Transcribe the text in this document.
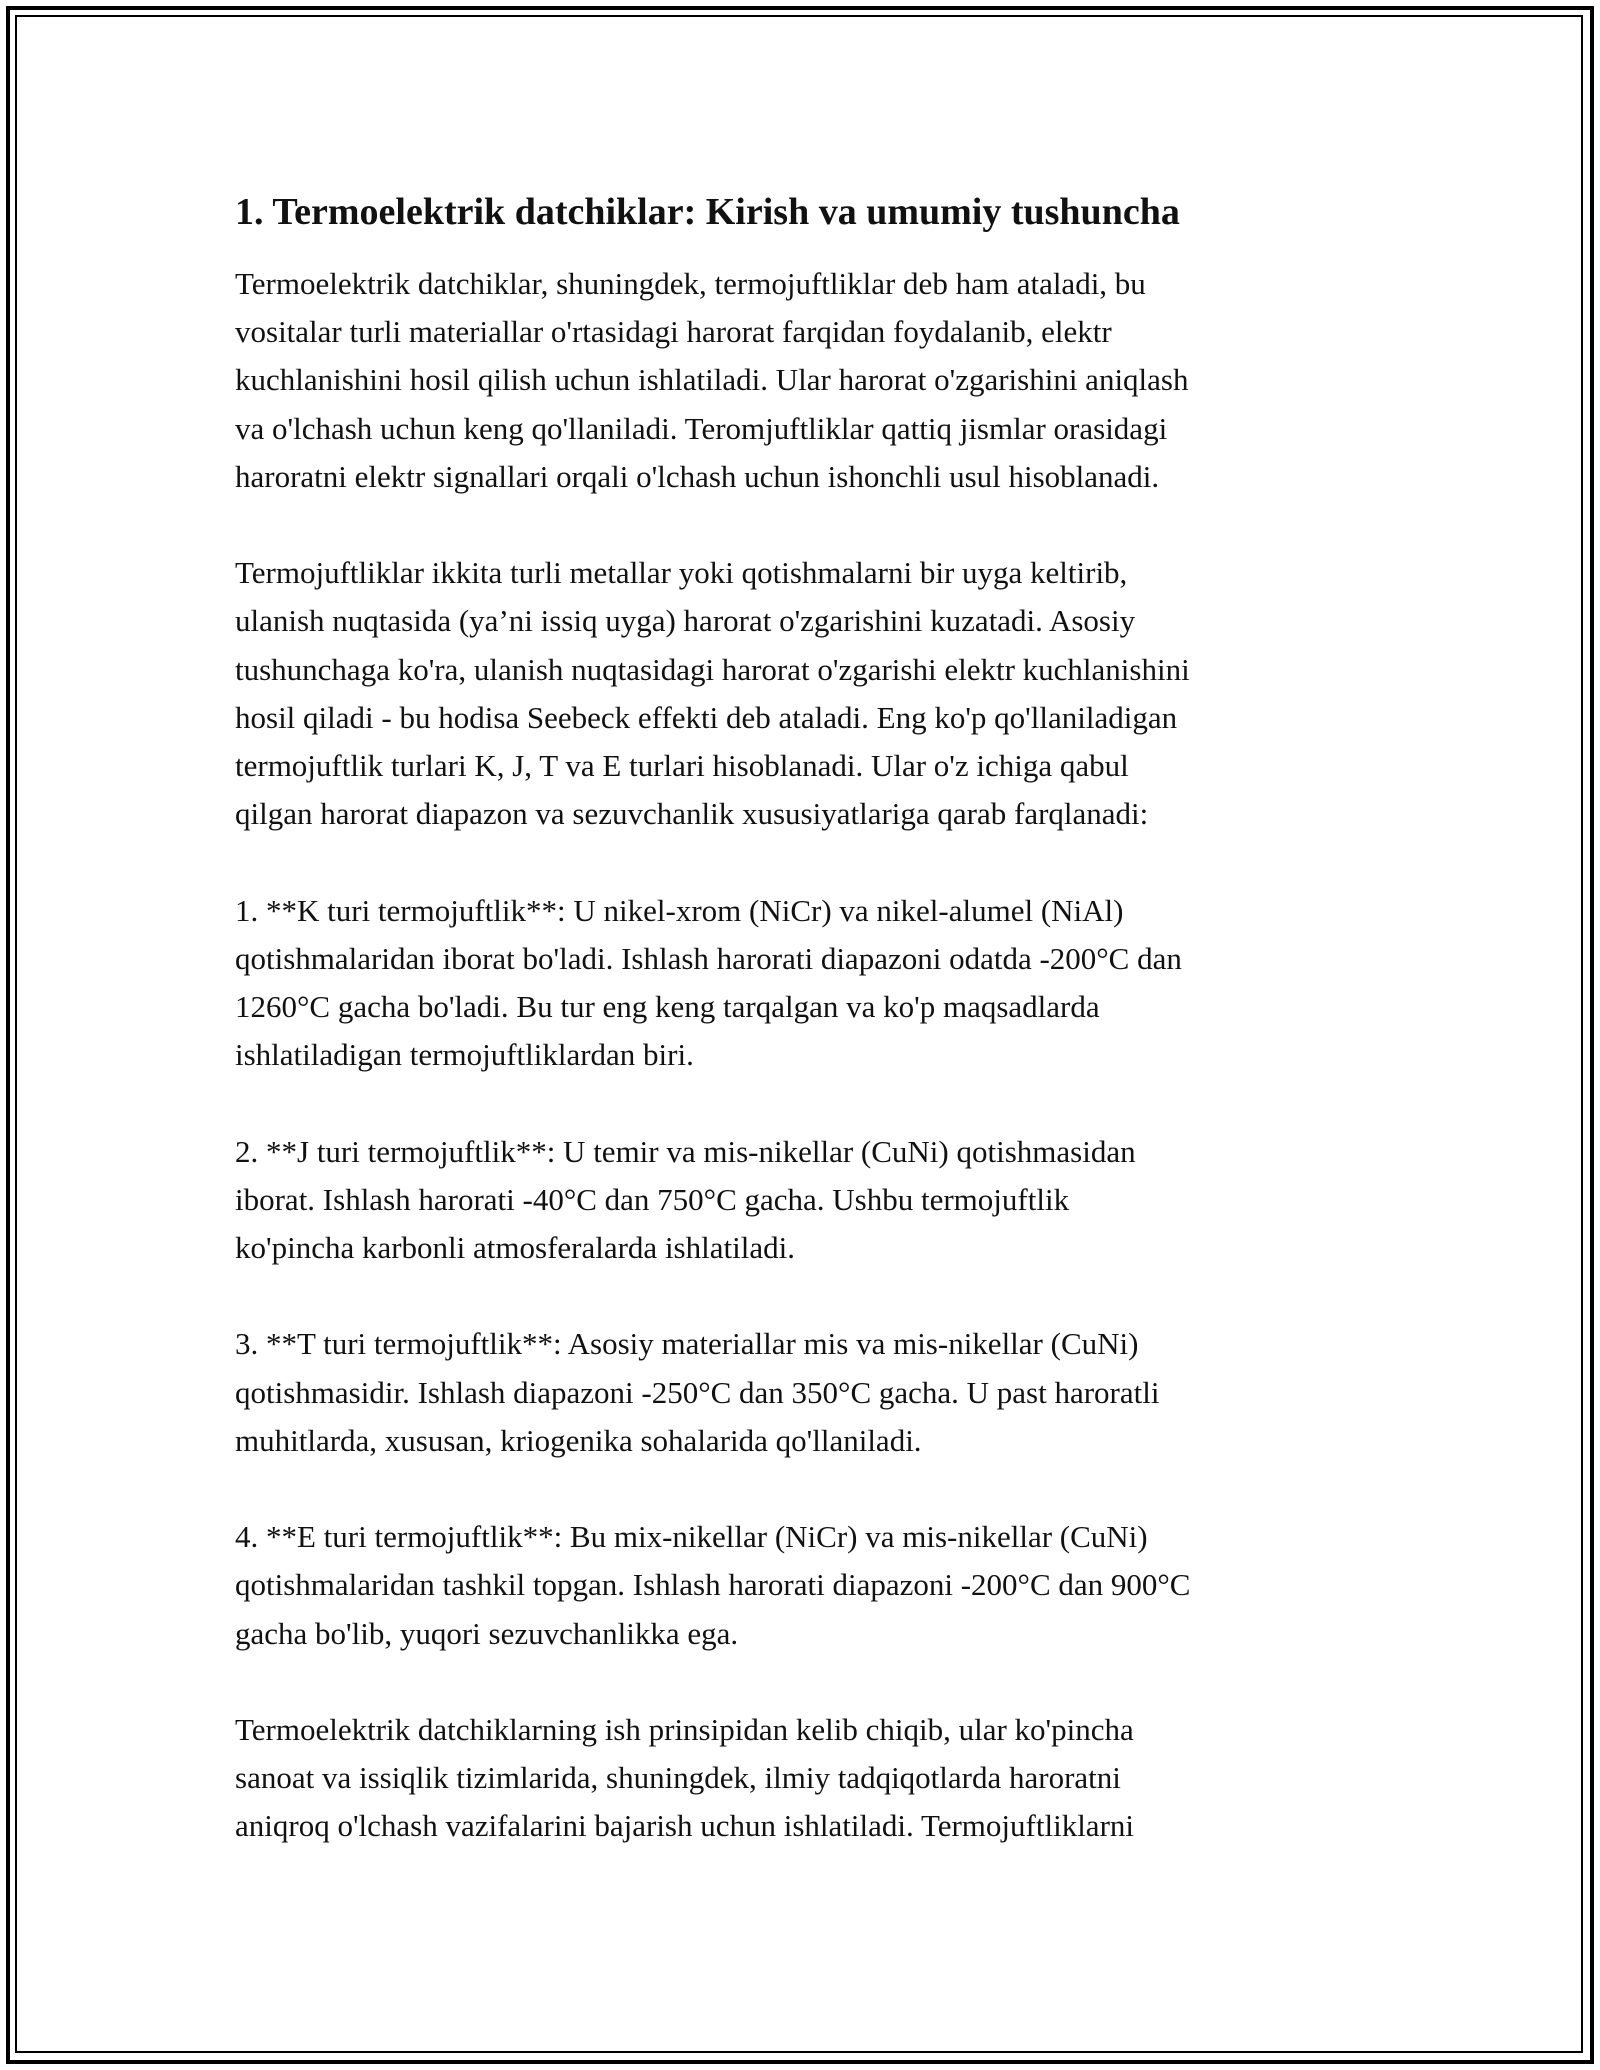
1. Termoelektrik datchiklar: Kirish va umumiy tushuncha
Termoelektrik datchiklar, shuningdek, termojuftliklar deb ham ataladi, bu
vositalar turli materiallar o'rtasidagi harorat farqidan foydalanib, elektr
kuchlanishini hosil qilish uchun ishlatiladi. Ular harorat o'zgarishini aniqlash
va o'lchash uchun keng qo'llaniladi. Teromjuftliklar qattiq jismlar orasidagi
haroratni elektr signallari orqali o'lchash uchun ishonchli usul hisoblanadi.
Termojuftliklar ikkita turli metallar yoki qotishmalarni bir uyga keltirib,
ulanish nuqtasida (ya’ni issiq uyga) harorat o'zgarishini kuzatadi. Asosiy
tushunchaga ko'ra, ulanish nuqtasidagi harorat o'zgarishi elektr kuchlanishini
hosil qiladi - bu hodisa Seebeck effekti deb ataladi. Eng ko'p qo'llaniladigan
termojuftlik turlari K, J, T va E turlari hisoblanadi. Ular o'z ichiga qabul
qilgan harorat diapazon va sezuvchanlik xususiyatlariga qarab farqlanadi:
1. **K turi termojuftlik**: U nikel-xrom (NiCr) va nikel-alumel (NiAl)
qotishmalaridan iborat bo'ladi. Ishlash harorati diapazoni odatda -200°C dan
1260°C gacha bo'ladi. Bu tur eng keng tarqalgan va ko'p maqsadlarda
ishlatiladigan termojuftliklardan biri.
2. **J turi termojuftlik**: U temir va mis-nikellar (CuNi) qotishmasidan
iborat. Ishlash harorati -40°C dan 750°C gacha. Ushbu termojuftlik
ko'pincha karbonli atmosferalarda ishlatiladi.
3. **T turi termojuftlik**: Asosiy materiallar mis va mis-nikellar (CuNi)
qotishmasidir. Ishlash diapazoni -250°C dan 350°C gacha. U past haroratli
muhitlarda, xususan, kriogenika sohalarida qo'llaniladi.
4. **E turi termojuftlik**: Bu mix-nikellar (NiCr) va mis-nikellar (CuNi)
qotishmalaridan tashkil topgan. Ishlash harorati diapazoni -200°C dan 900°C
gacha bo'lib, yuqori sezuvchanlikka ega.
Termoelektrik datchiklarning ish prinsipidan kelib chiqib, ular ko'pincha
sanoat va issiqlik tizimlarida, shuningdek, ilmiy tadqiqotlarda haroratni
aniqroq o'lchash vazifalarini bajarish uchun ishlatiladi. Termojuftliklarni
